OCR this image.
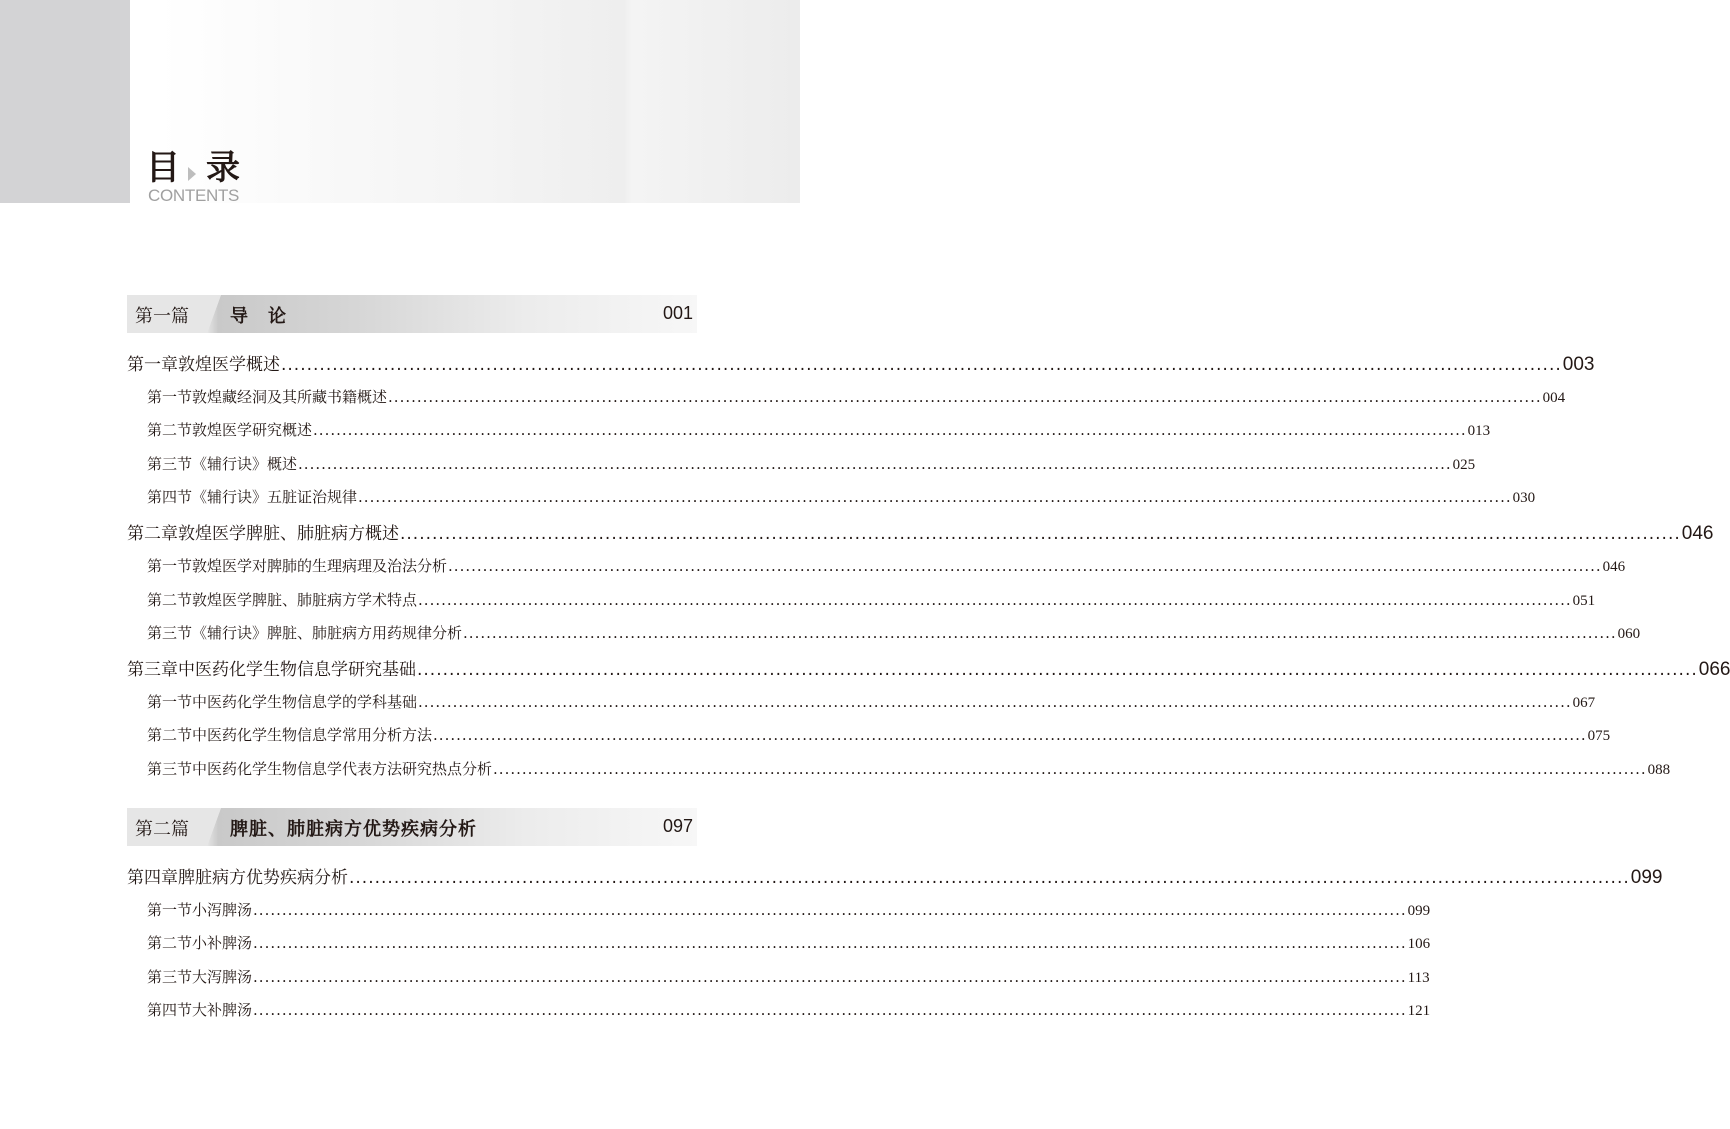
目 录
CONTENTS
第一篇 导　论	001
第一章 敦煌医学概述 ........................................................................................................................................................................................................ 003
第一节 敦煌藏经洞及其所藏书籍概述 ........................................................................................................................................................................................................ 004
第二节 敦煌医学研究概述 ........................................................................................................................................................................................................ 013
第三节 《辅行诀》概述 ........................................................................................................................................................................................................ 025
第四节 《辅行诀》五脏证治规律 ........................................................................................................................................................................................................ 030
第二章 敦煌医学脾脏、肺脏病方概述 ........................................................................................................................................................................................................ 046
第一节 敦煌医学对脾肺的生理病理及治法分析 ........................................................................................................................................................................................................ 046
第二节 敦煌医学脾脏、肺脏病方学术特点 ........................................................................................................................................................................................................ 051
第三节 《辅行诀》脾脏、肺脏病方用药规律分析 ........................................................................................................................................................................................................ 060
第三章 中医药化学生物信息学研究基础 ........................................................................................................................................................................................................ 066
第一节 中医药化学生物信息学的学科基础 ........................................................................................................................................................................................................ 067
第二节 中医药化学生物信息学常用分析方法 ........................................................................................................................................................................................................ 075
第三节 中医药化学生物信息学代表方法研究热点分析 ........................................................................................................................................................................................................ 088
第二篇 脾脏、肺脏病方优势疾病分析	097
第四章 脾脏病方优势疾病分析 ........................................................................................................................................................................................................ 099
第一节 小泻脾汤 ........................................................................................................................................................................................................ 099
第二节 小补脾汤 ........................................................................................................................................................................................................ 106
第三节 大泻脾汤 ........................................................................................................................................................................................................ 113
第四节 大补脾汤 ........................................................................................................................................................................................................ 121
